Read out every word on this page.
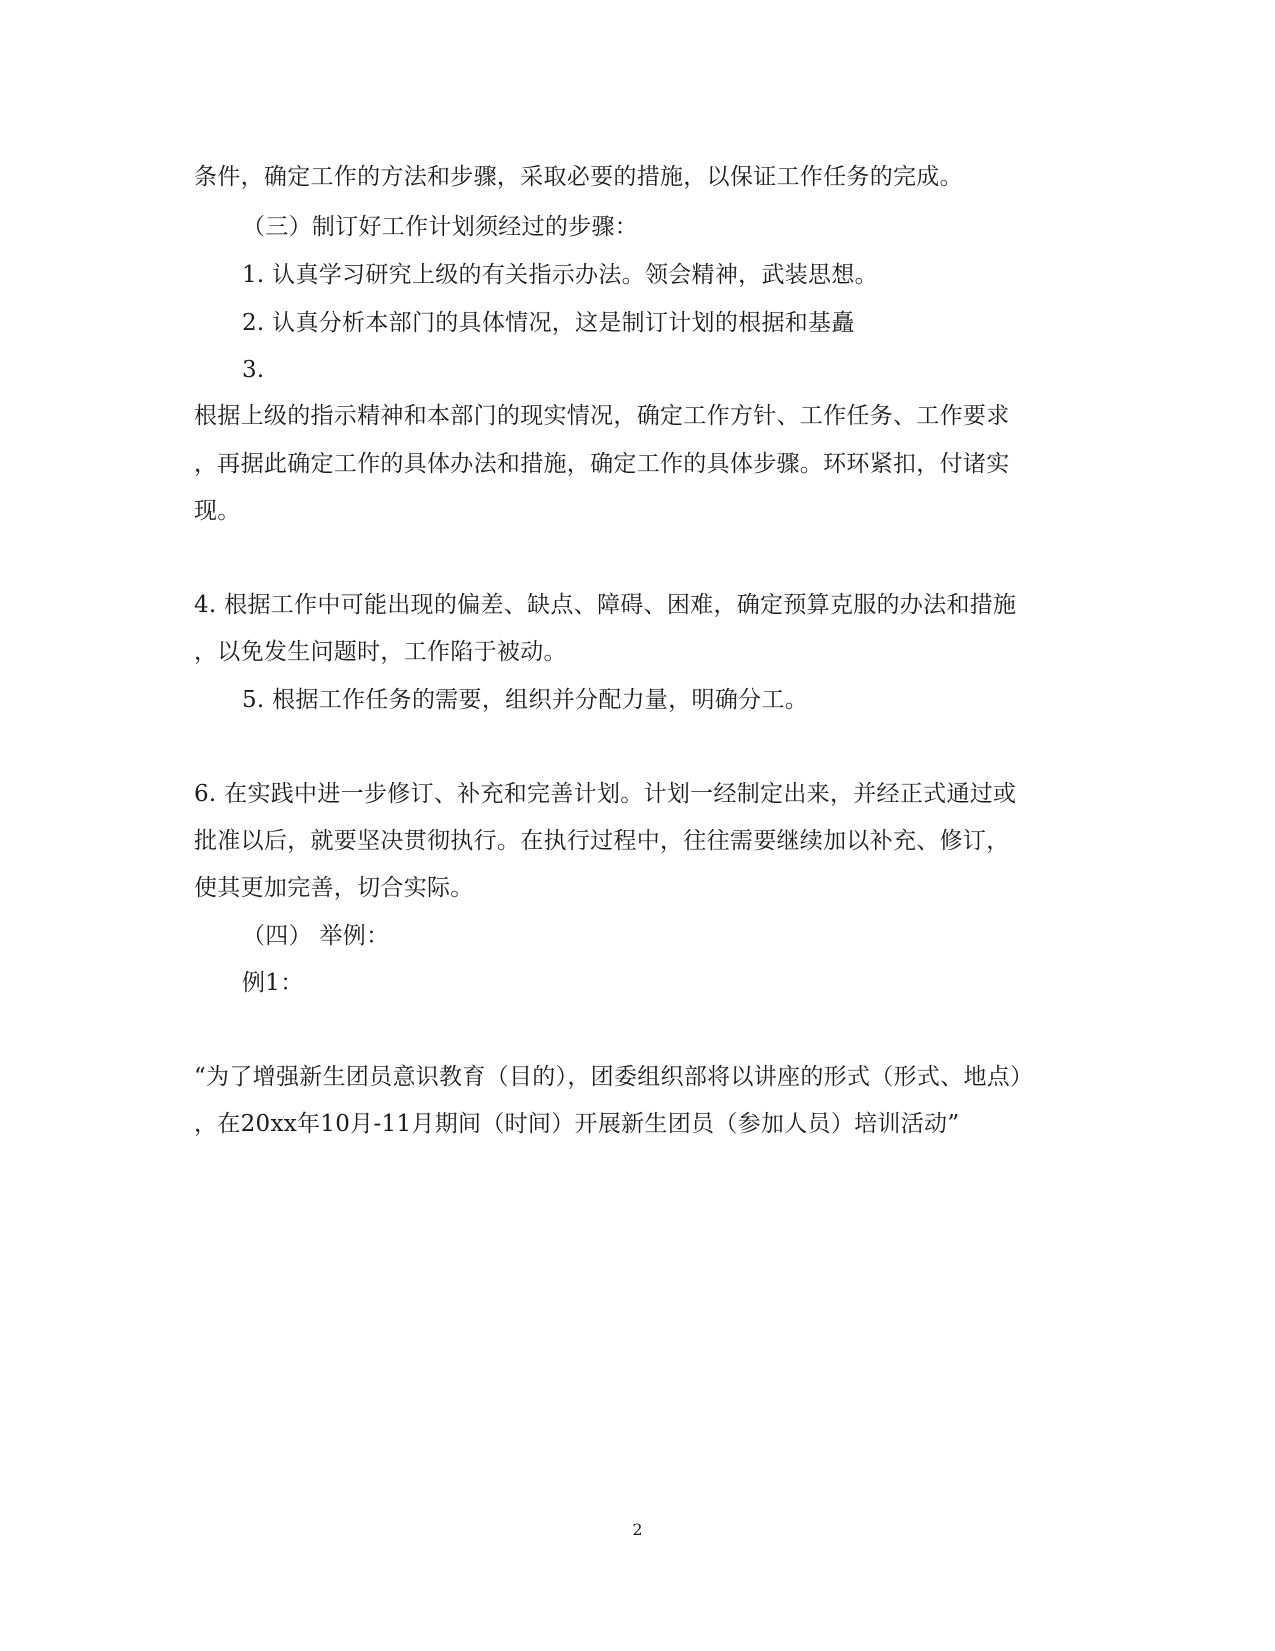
条件，确定工作的方法和步骤，采取必要的措施，以保证工作任务的完成。
（三）制订好工作计划须经过的步骤：
1. 认真学习研究上级的有关指示办法。领会精神，武装思想。
2. 认真分析本部门的具体情况，这是制订计划的根据和基矗
3.
根据上级的指示精神和本部门的现实情况，确定工作方针、工作任务、工作要求
，再据此确定工作的具体办法和措施，确定工作的具体步骤。环环紧扣，付诸实
现。
4. 根据工作中可能出现的偏差、缺点、障碍、困难，确定预算克服的办法和措施
，以免发生问题时，工作陷于被动。
5. 根据工作任务的需要，组织并分配力量，明确分工。
6. 在实践中进一步修订、补充和完善计划。计划一经制定出来，并经正式通过或
批准以后，就要坚决贯彻执行。在执行过程中，往往需要继续加以补充、修订，
使其更加完善，切合实际。
（四） 举例：
例1：
“为了增强新生团员意识教育（目的），团委组织部将以讲座的形式（形式、地点）
，在20xx年10月-11月期间（时间）开展新生团员（参加人员）培训活动”
2
